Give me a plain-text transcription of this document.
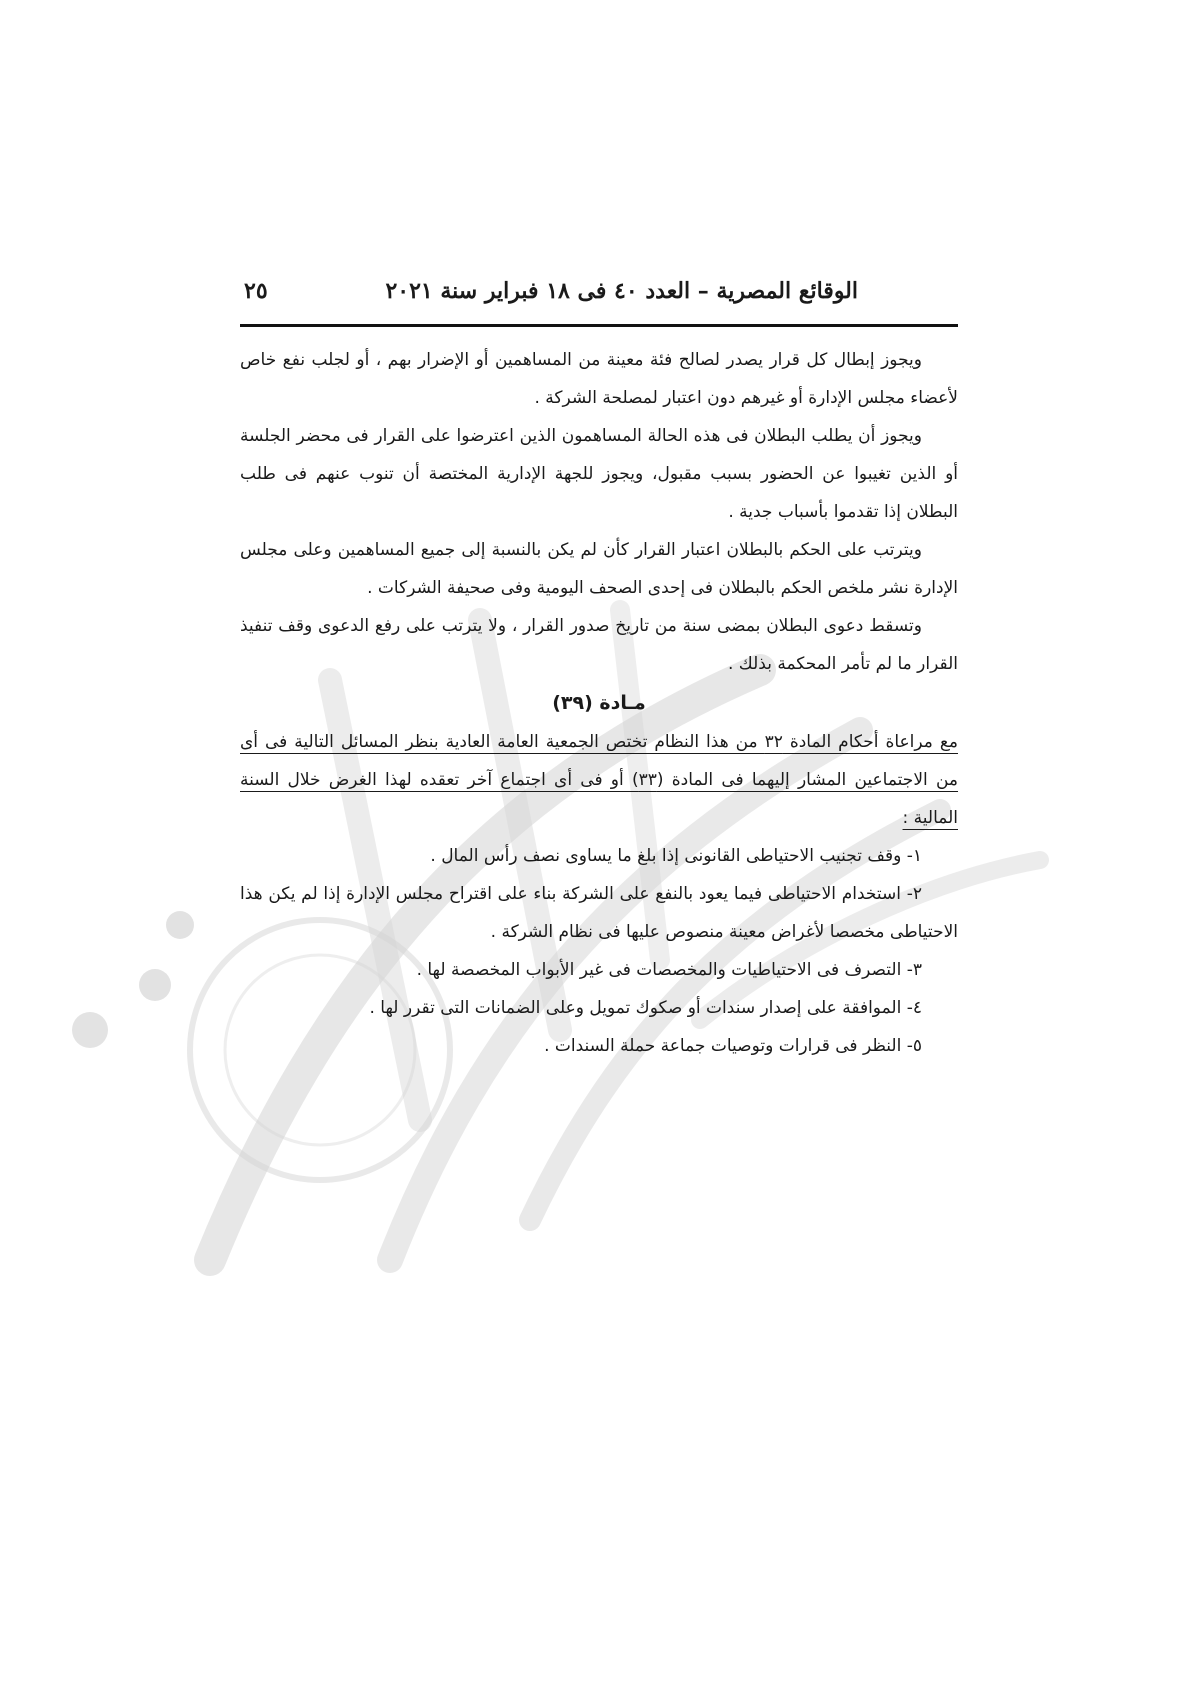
الوقائع المصرية – العدد ٤٠ فى ١٨ فبراير سنة ٢٠٢١
٢٥

ويجوز إبطال كل قرار يصدر لصالح فئة معينة من المساهمين أو الإضرار بهم ، أو لجلب نفع خاص لأعضاء مجلس الإدارة أو غيرهم دون اعتبار لمصلحة الشركة .

ويجوز أن يطلب البطلان فى هذه الحالة المساهمون الذين اعترضوا على القرار فى محضر الجلسة أو الذين تغيبوا عن الحضور بسبب مقبول، ويجوز للجهة الإدارية المختصة أن تنوب عنهم فى طلب البطلان إذا تقدموا بأسباب جدية .

ويترتب على الحكم بالبطلان اعتبار القرار كأن لم يكن بالنسبة إلى جميع المساهمين وعلى مجلس الإدارة نشر ملخص الحكم بالبطلان فى إحدى الصحف اليومية وفى صحيفة الشركات .

وتسقط دعوى البطلان بمضى سنة من تاريخ صدور القرار ، ولا يترتب على رفع الدعوى وقف تنفيذ القرار ما لم تأمر المحكمة بذلك .

مـادة (٣٩)

مع مراعاة أحكام المادة ٣٢ من هذا النظام تختص الجمعية العامة العادية بنظر المسائل التالية فى أى من الاجتماعين المشار إليهما فى المادة (٣٣) أو فى أى اجتماع آخر تعقده لهذا الغرض خلال السنة المالية :

١- وقف تجنيب الاحتياطى القانونى إذا بلغ ما يساوى نصف رأس المال .

٢- استخدام الاحتياطى فيما يعود بالنفع على الشركة بناء على اقتراح مجلس الإدارة إذا لم يكن هذا الاحتياطى مخصصا لأغراض معينة منصوص عليها فى نظام الشركة .

٣- التصرف فى الاحتياطيات والمخصصات فى غير الأبواب المخصصة لها .

٤- الموافقة على إصدار سندات أو صكوك تمويل وعلى الضمانات التى تقرر لها .

٥- النظر فى قرارات وتوصيات جماعة حملة السندات .
